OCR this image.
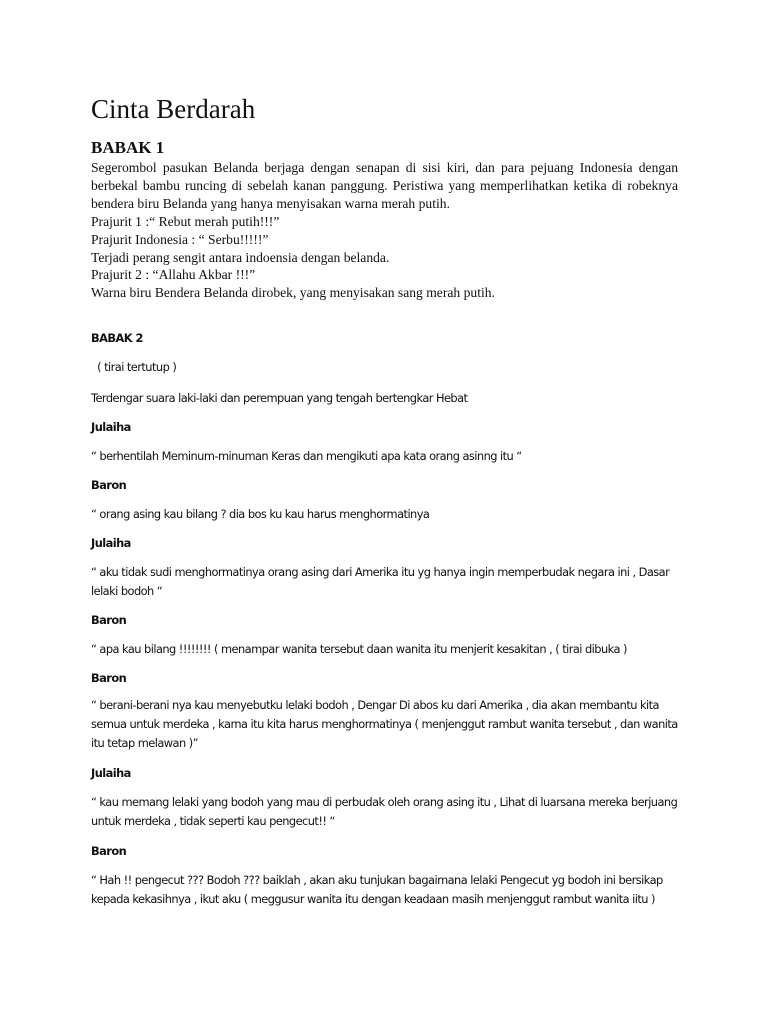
Cinta Berdarah
BABAK 1

Segerombol pasukan Belanda berjaga dengan senapan di sisi kiri, dan para pejuang Indonesia dengan berbekal bambu runcing di sebelah kanan panggung. Peristiwa yang memperlihatkan ketika di robeknya bendera biru Belanda yang hanya menyisakan warna merah putih.

Prajurit 1 :“ Rebut merah putih!!!”

Prajurit Indonesia : “ Serbu!!!!!”

Terjadi perang sengit antara indoensia dengan belanda.

Prajurit 2 : “Allahu Akbar !!!”

Warna biru Bendera Belanda dirobek, yang menyisakan sang merah putih.

BABAK 2

( tirai tertutup )

Terdengar suara laki-laki dan perempuan yang tengah bertengkar Hebat

Julaiha

“ berhentilah Meminum-minuman Keras dan mengikuti apa kata orang asinng itu “

Baron

“ orang asing kau bilang ? dia bos ku kau harus menghormatinya

Julaiha

“ aku tidak sudi menghormatinya orang asing dari Amerika itu yg hanya ingin memperbudak negara ini , Dasar lelaki bodoh “

Baron

“ apa kau bilang !!!!!!!! ( menampar wanita tersebut daan wanita itu menjerit kesakitan , ( tirai dibuka )

Baron

“ berani-berani nya kau menyebutku lelaki bodoh , Dengar Di abos ku dari Amerika , dia akan membantu kita semua untuk merdeka , karna itu kita harus menghormatinya ( menjenggut rambut wanita tersebut , dan wanita itu tetap melawan )”

Julaiha

“ kau memang lelaki yang bodoh yang mau di perbudak oleh orang asing itu , Lihat di luarsana mereka berjuang untuk merdeka , tidak seperti kau pengecut!! “

Baron

“ Hah !! pengecut ??? Bodoh ??? baiklah , akan aku tunjukan bagaimana lelaki Pengecut yg bodoh ini bersikap kepada kekasihnya , ikut aku ( meggusur wanita itu dengan keadaan masih menjenggut rambut wanita iitu )
